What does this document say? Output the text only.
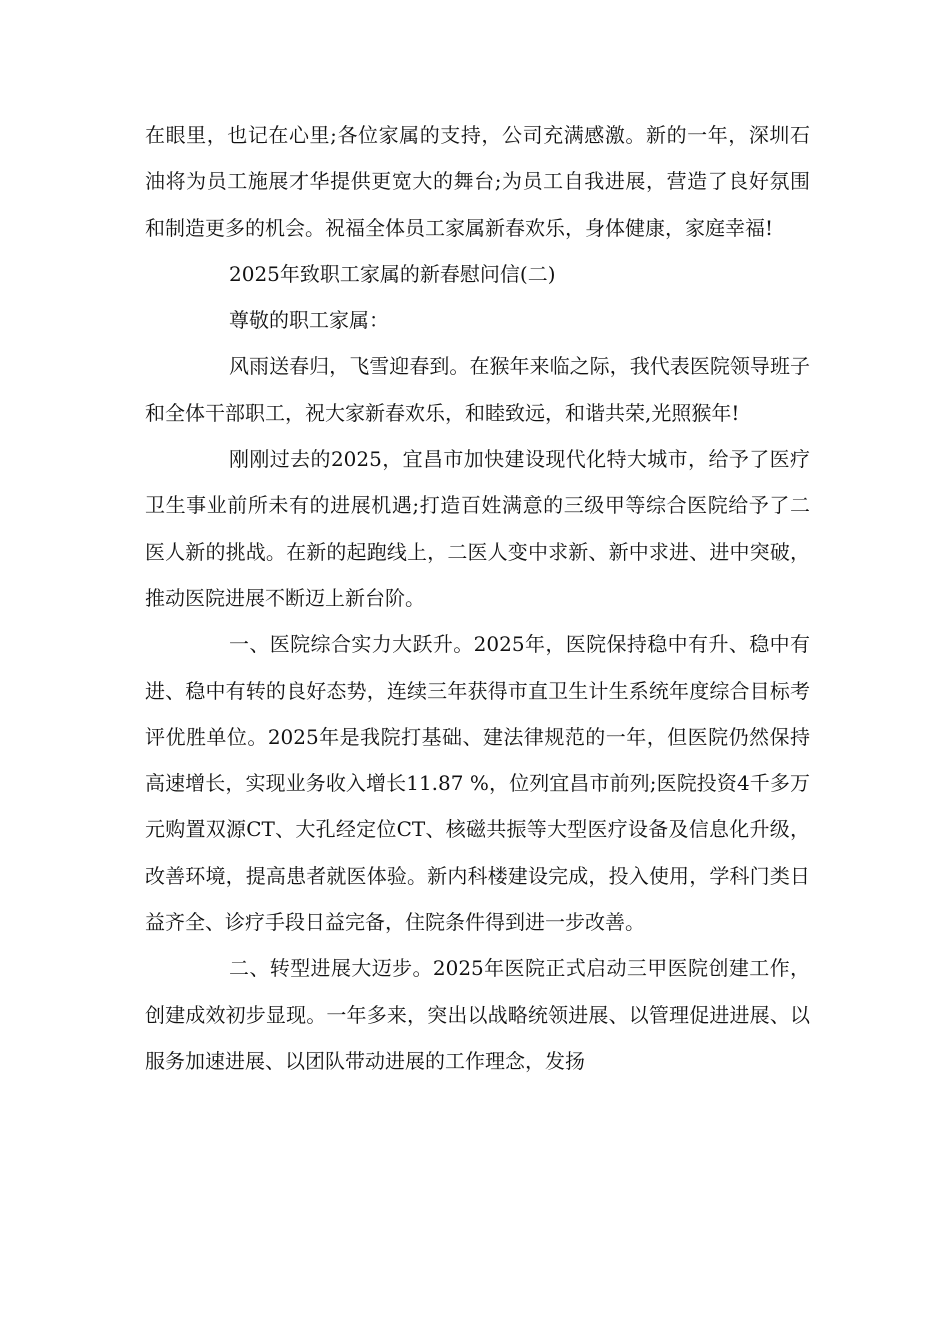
在眼里，也记在心里;各位家属的支持，公司充满感激。新的一年，深圳石油将为员工施展才华提供更宽大的舞台;为员工自我进展，营造了良好氛围和制造更多的机会。祝福全体员工家属新春欢乐，身体健康，家庭幸福!

2025年致职工家属的新春慰问信(二)

尊敬的职工家属：

风雨送春归，飞雪迎春到。在猴年来临之际，我代表医院领导班子和全体干部职工，祝大家新春欢乐，和睦致远，和谐共荣,光照猴年!

刚刚过去的2025，宜昌市加快建设现代化特大城市，给予了医疗卫生事业前所未有的进展机遇;打造百姓满意的三级甲等综合医院给予了二医人新的挑战。在新的起跑线上，二医人变中求新、新中求进、进中突破，推动医院进展不断迈上新台阶。

一、医院综合实力大跃升。2025年，医院保持稳中有升、稳中有进、稳中有转的良好态势，连续三年获得市直卫生计生系统年度综合目标考评优胜单位。2025年是我院打基础、建法律规范的一年，但医院仍然保持高速增长，实现业务收入增长11.87 %，位列宜昌市前列;医院投资4千多万元购置双源CT、大孔经定位CT、核磁共振等大型医疗设备及信息化升级，改善环境，提高患者就医体验。新内科楼建设完成，投入使用，学科门类日益齐全、诊疗手段日益完备，住院条件得到进一步改善。

二、转型进展大迈步。2025年医院正式启动三甲医院创建工作，创建成效初步显现。一年多来，突出以战略统领进展、以管理促进进展、以服务加速进展、以团队带动进展的工作理念，发扬
